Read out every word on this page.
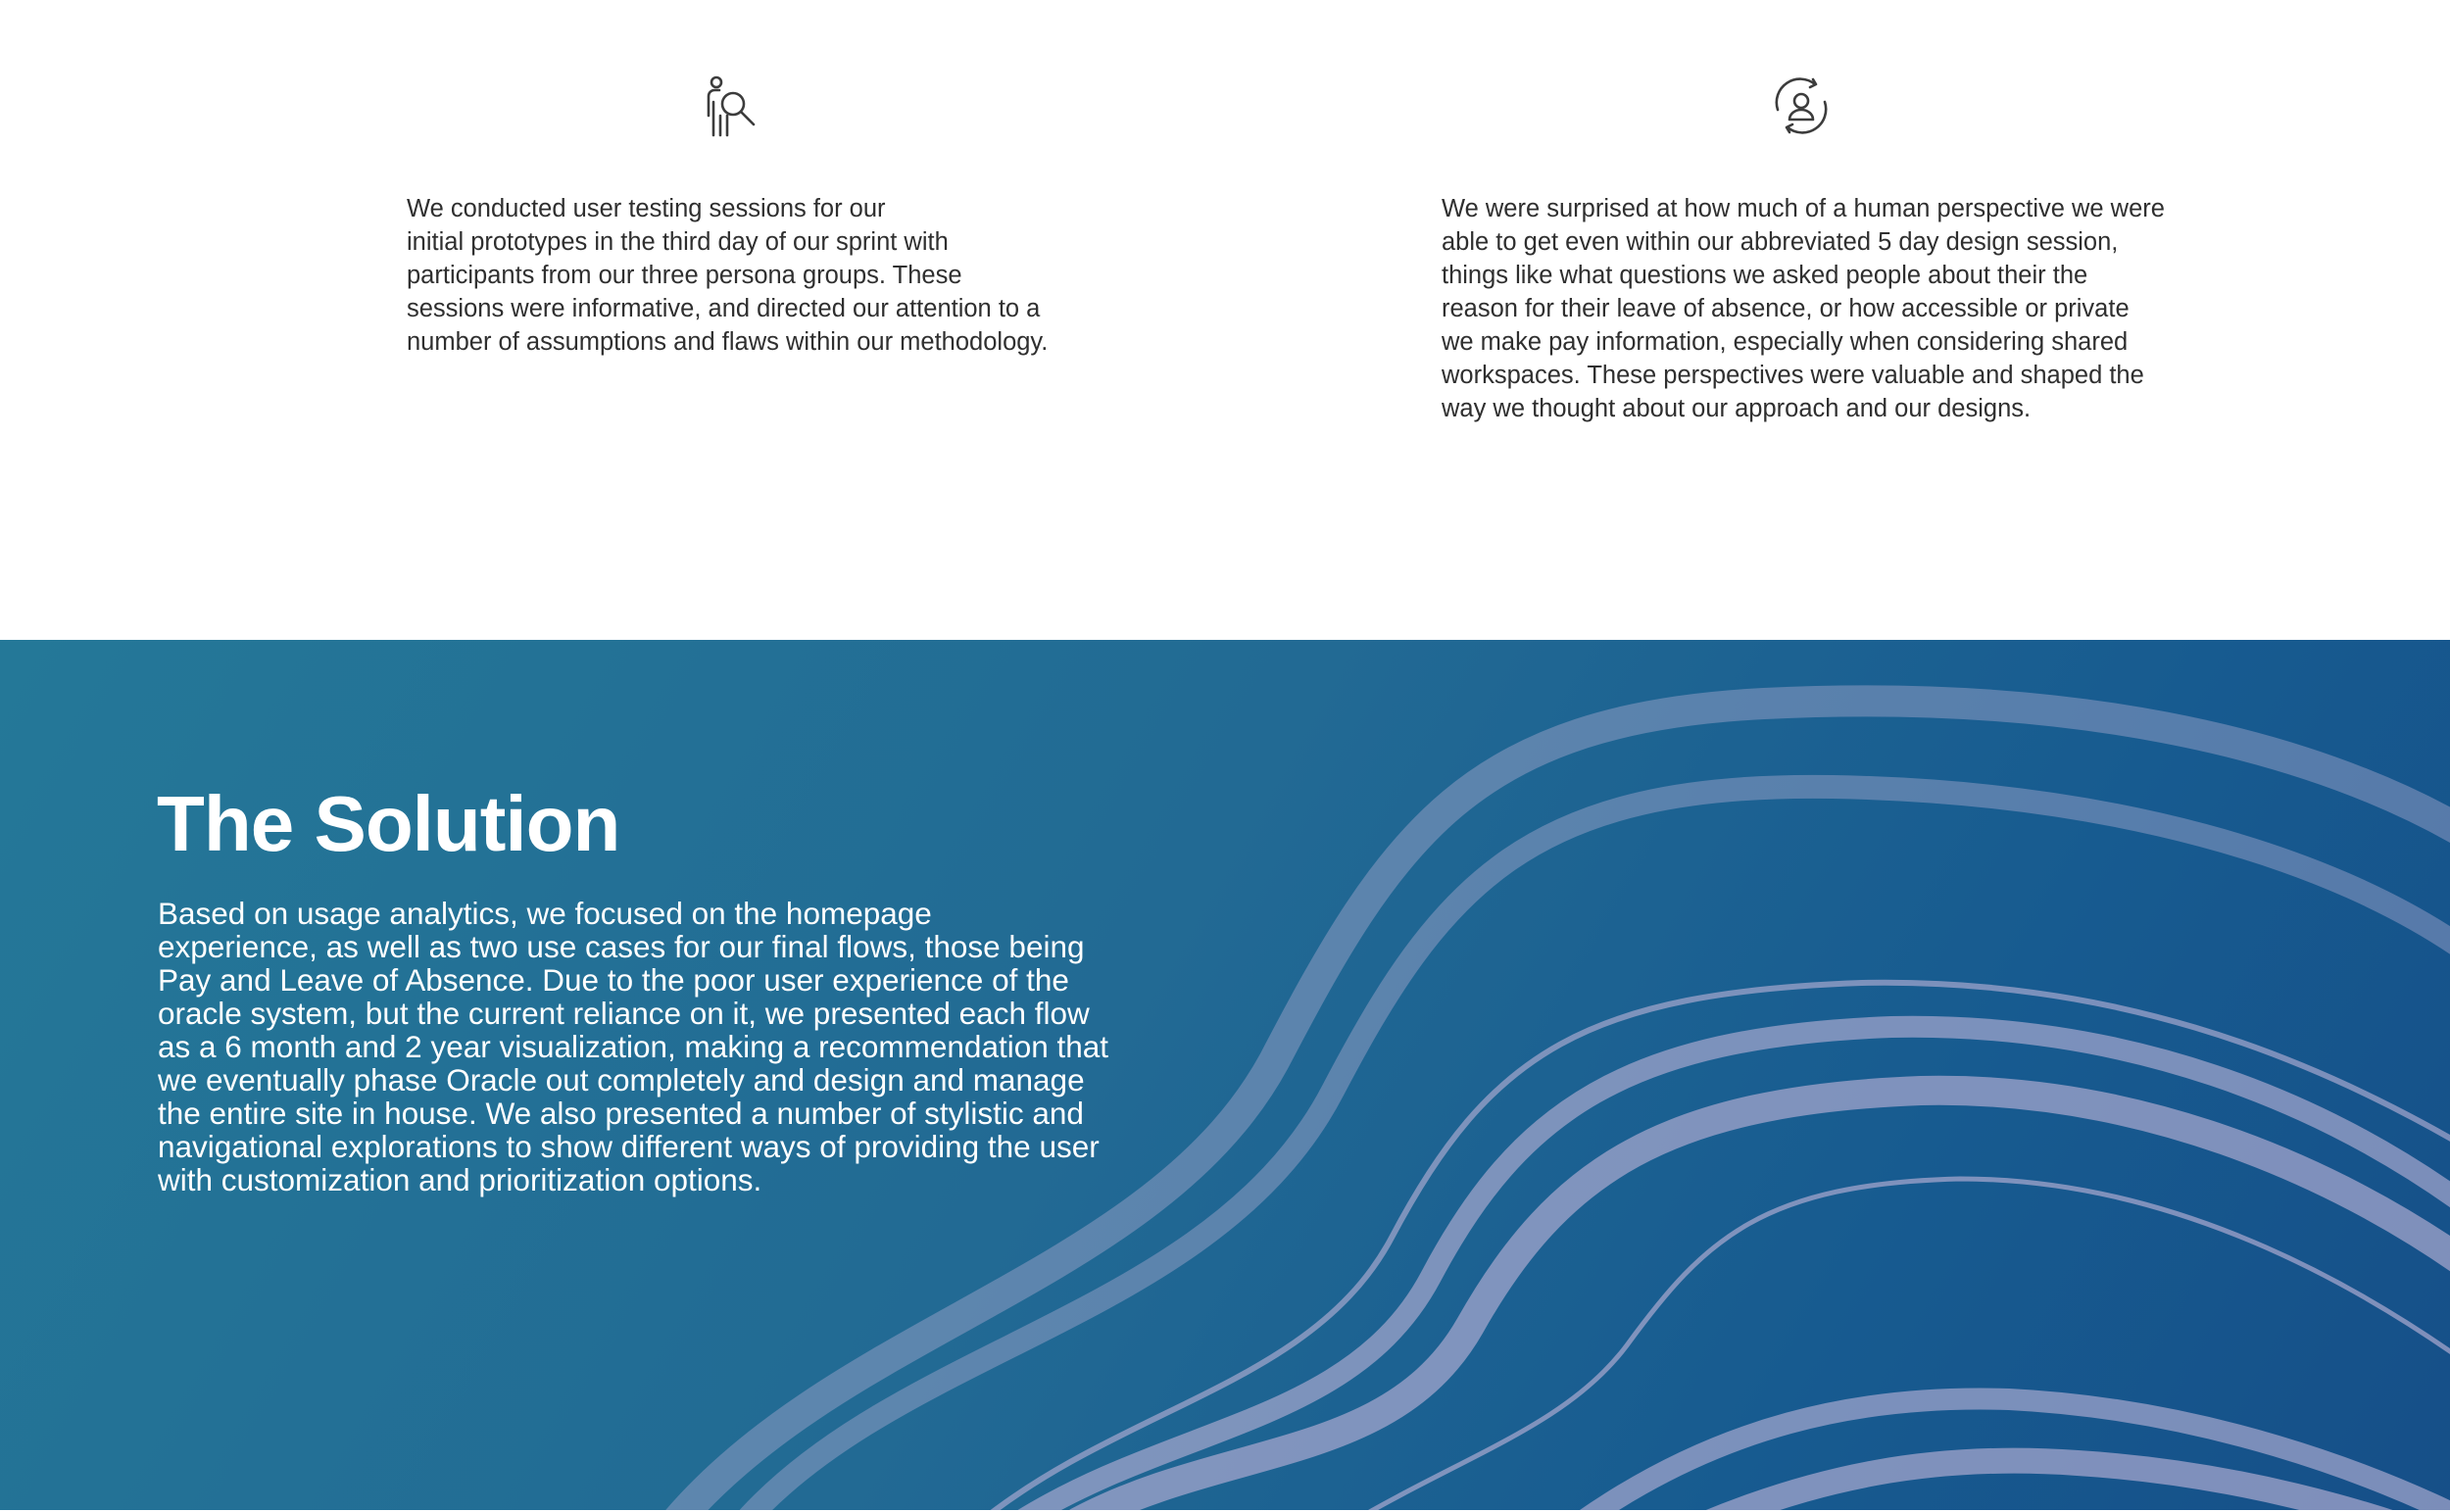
We conducted user testing sessions for our
initial prototypes in the third day of our sprint with
participants from our three persona groups. These
sessions were informative, and directed our attention to a
number of assumptions and flaws within our methodology.

We were surprised at how much of a human perspective we were
able to get even within our abbreviated 5 day design session,
things like what questions we asked people about their the
reason for their leave of absence, or how accessible or private
we make pay information, especially when considering shared
workspaces. These perspectives were valuable and shaped the
way we thought about our approach and our designs.

The Solution

Based on usage analytics, we focused on the homepage
experience, as well as two use cases for our final flows, those being
Pay and Leave of Absence. Due to the poor user experience of the
oracle system, but the current reliance on it, we presented each flow
as a 6 month and 2 year visualization, making a recommendation that
we eventually phase Oracle out completely and design and manage
the entire site in house. We also presented a number of stylistic and
navigational explorations to show different ways of providing the user
with customization and prioritization options.
